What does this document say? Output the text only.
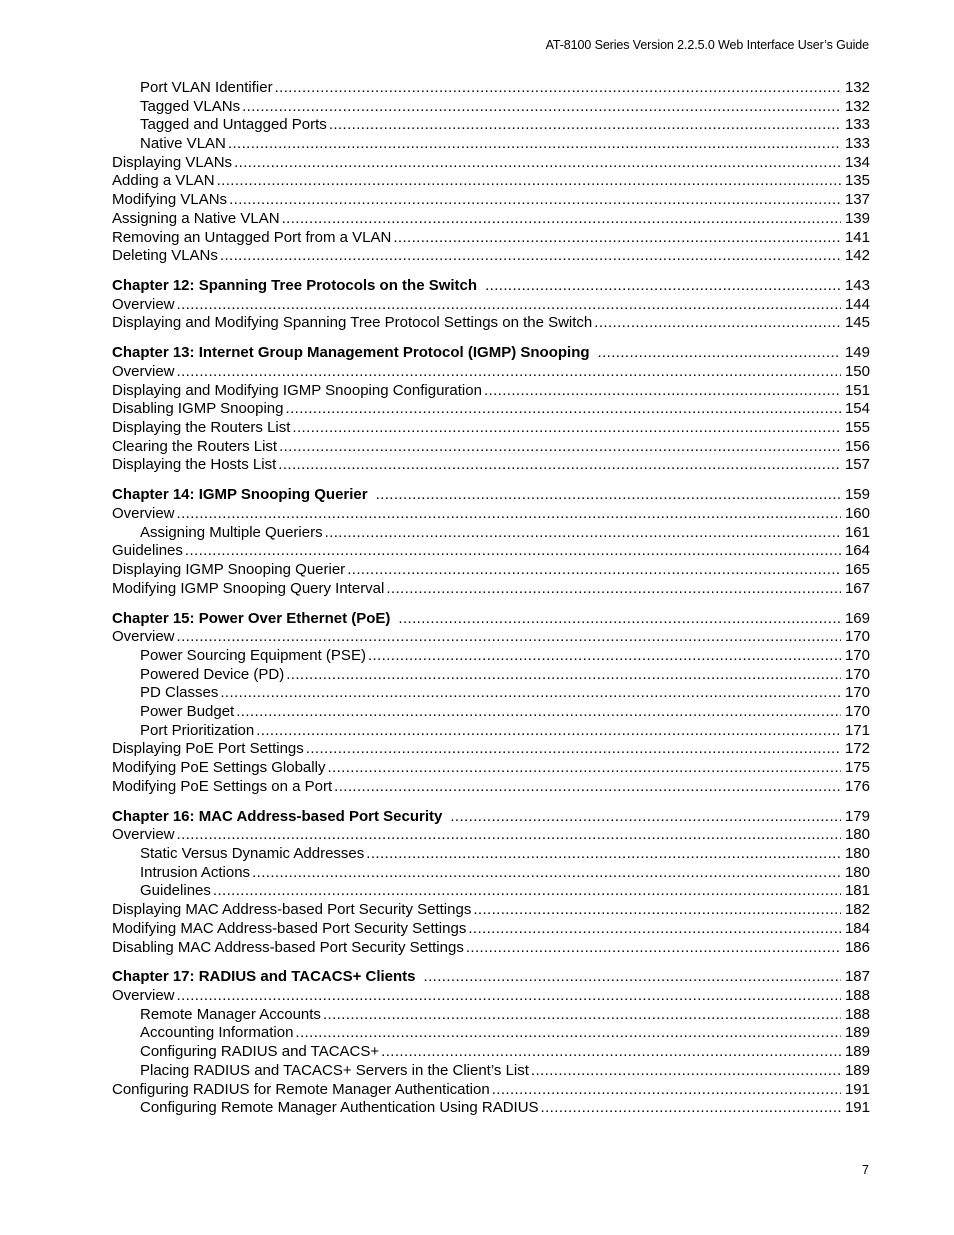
AT-8100 Series Version 2.2.5.0 Web Interface User’s Guide
Port VLAN Identifier .....	132
Tagged VLANs .....	132
Tagged and Untagged Ports .....	133
Native VLAN .....	133
Displaying VLANs .....	134
Adding a VLAN .....	135
Modifying VLANs .....	137
Assigning a Native VLAN .....	139
Removing an Untagged Port from a VLAN .....	141
Deleting VLANs .....	142
Chapter 12: Spanning Tree Protocols on the Switch .....	143
Overview .....	144
Displaying and Modifying Spanning Tree Protocol Settings on the Switch .....	145
Chapter 13: Internet Group Management Protocol (IGMP) Snooping .....	149
Overview .....	150
Displaying and Modifying IGMP Snooping Configuration .....	151
Disabling IGMP Snooping .....	154
Displaying the Routers List .....	155
Clearing the Routers List .....	156
Displaying the Hosts List .....	157
Chapter 14: IGMP Snooping Querier .....	159
Overview .....	160
Assigning Multiple Queriers .....	161
Guidelines .....	164
Displaying IGMP Snooping Querier .....	165
Modifying IGMP Snooping Query Interval .....	167
Chapter 15: Power Over Ethernet (PoE) .....	169
Overview .....	170
Power Sourcing Equipment (PSE) .....	170
Powered Device (PD) .....	170
PD Classes .....	170
Power Budget .....	170
Port Prioritization .....	171
Displaying PoE Port Settings .....	172
Modifying PoE Settings Globally .....	175
Modifying PoE Settings on a Port .....	176
Chapter 16: MAC Address-based Port Security .....	179
Overview .....	180
Static Versus Dynamic Addresses .....	180
Intrusion Actions .....	180
Guidelines .....	181
Displaying MAC Address-based Port Security Settings .....	182
Modifying MAC Address-based Port Security Settings .....	184
Disabling MAC Address-based Port Security Settings .....	186
Chapter 17: RADIUS and TACACS+ Clients .....	187
Overview .....	188
Remote Manager Accounts .....	188
Accounting Information .....	189
Configuring RADIUS and TACACS+ .....	189
Placing RADIUS and TACACS+ Servers in the Client’s List .....	189
Configuring RADIUS for Remote Manager Authentication .....	191
Configuring Remote Manager Authentication Using RADIUS .....	191
7
